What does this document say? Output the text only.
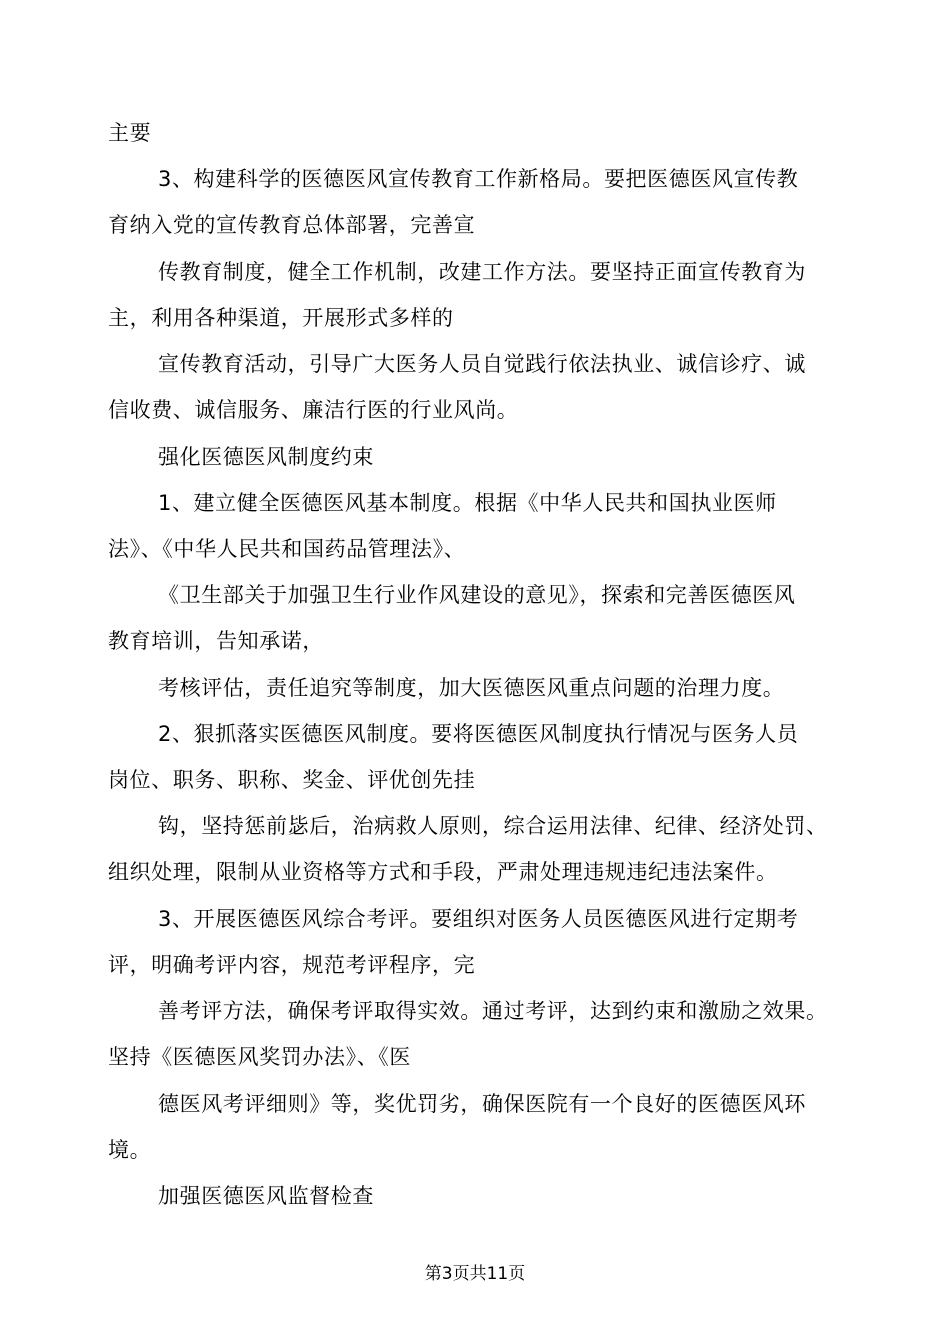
主要
3、构建科学的医德医风宣传教育工作新格局。要把医德医风宣传教
育纳入党的宣传教育总体部署，完善宣
传教育制度，健全工作机制，改建工作方法。要坚持正面宣传教育为
主，利用各种渠道，开展形式多样的
宣传教育活动，引导广大医务人员自觉践行依法执业、诚信诊疗、诚
信收费、诚信服务、廉洁行医的行业风尚。
强化医德医风制度约束
1、建立健全医德医风基本制度。根据《中华人民共和国执业医师
法》、《中华人民共和国药品管理法》、
《卫生部关于加强卫生行业作风建设的意见》，探索和完善医德医风
教育培训，告知承诺，
考核评估，责任追究等制度，加大医德医风重点问题的治理力度。
2、狠抓落实医德医风制度。要将医德医风制度执行情况与医务人员
岗位、职务、职称、奖金、评优创先挂
钩，坚持惩前毖后，治病救人原则，综合运用法律、纪律、经济处罚、
组织处理，限制从业资格等方式和手段，严肃处理违规违纪违法案件。
3、开展医德医风综合考评。要组织对医务人员医德医风进行定期考
评，明确考评内容，规范考评程序，完
善考评方法，确保考评取得实效。通过考评，达到约束和激励之效果。
坚持《医德医风奖罚办法》、《医
德医风考评细则》等，奖优罚劣，确保医院有一个良好的医德医风环
境。
加强医德医风监督检查
第3页共11页
